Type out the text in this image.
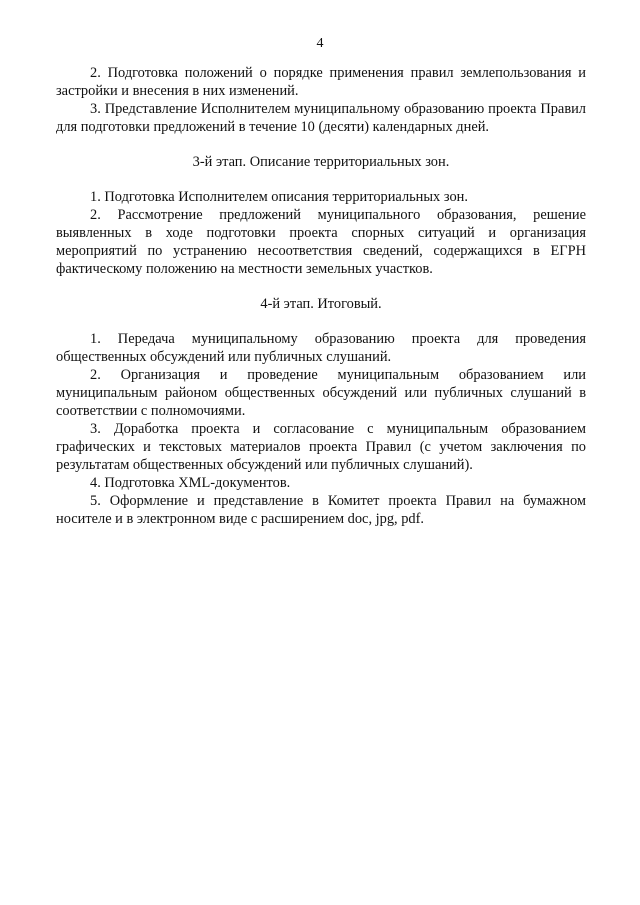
4

2. Подготовка положений о порядке применения правил землепользования и застройки и внесения в них изменений.

3. Представление Исполнителем муниципальному образованию проекта Правил для подготовки предложений в течение 10 (десяти) календарных дней.

3-й этап. Описание территориальных зон.

1. Подготовка Исполнителем описания территориальных зон.

2. Рассмотрение предложений муниципального образования, решение выявленных в ходе подготовки проекта спорных ситуаций и организация мероприятий по устранению несоответствия сведений, содержащихся в ЕГРН фактическому положению на местности земельных участков.

4-й этап. Итоговый.

1. Передача муниципальному образованию проекта для проведения общественных обсуждений или публичных слушаний.

2. Организация и проведение муниципальным образованием или муниципальным районом общественных обсуждений или публичных слушаний в соответствии с полномочиями.

3. Доработка проекта и согласование с муниципальным образованием графических и текстовых материалов проекта Правил (с учетом заключения по результатам общественных обсуждений или публичных слушаний).

4. Подготовка XML-документов.

5. Оформление и представление в Комитет проекта Правил на бумажном носителе и в электронном виде с расширением doc, jpg, pdf.
